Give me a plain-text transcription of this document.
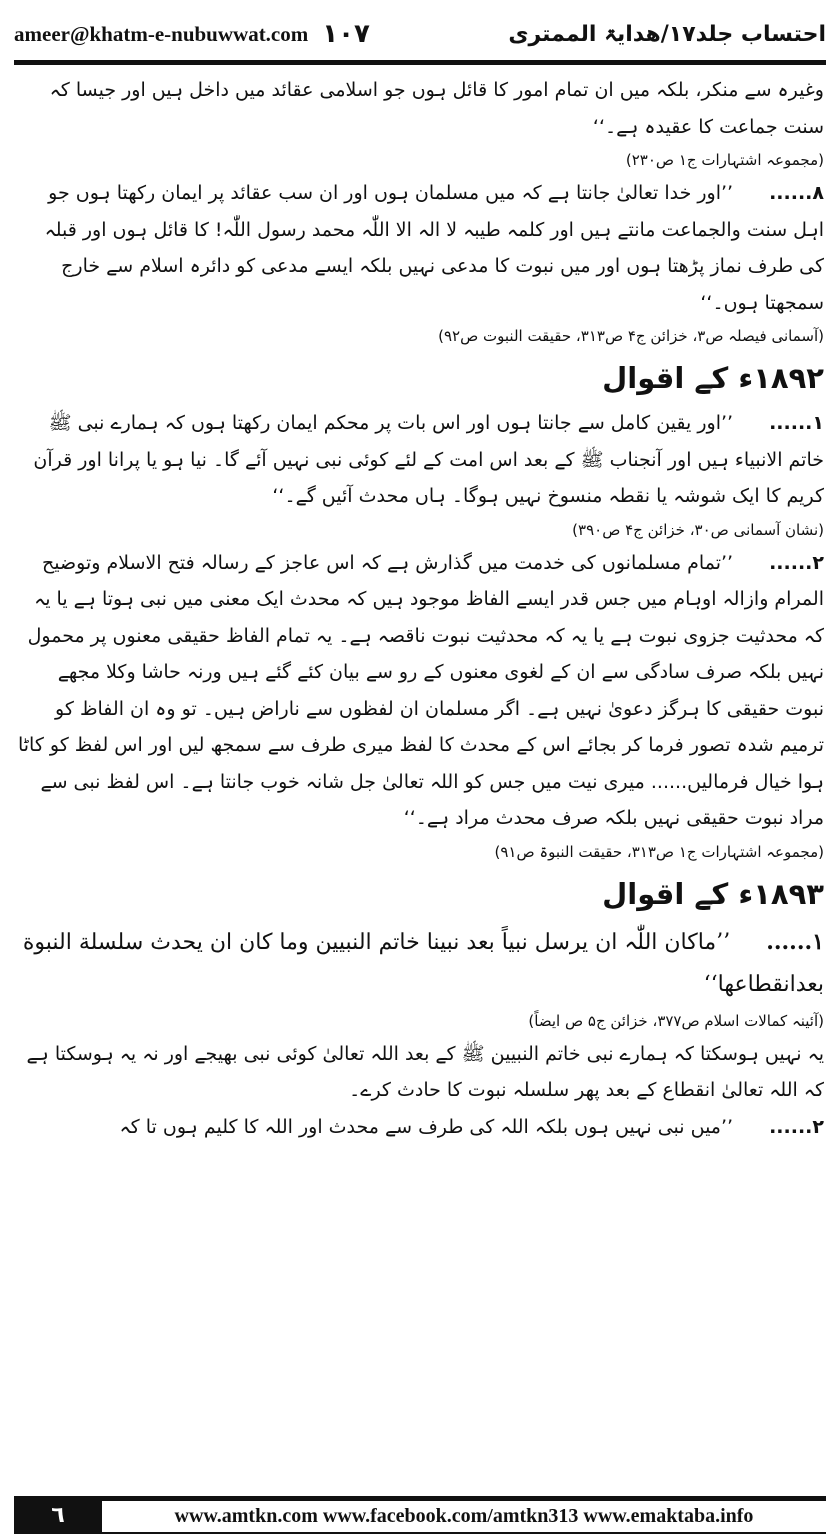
ameer@khatm-e-nubuwwat.com ۱۰۷	احتساب جلد۱۷/ھدایۃ الممتری

وغیرہ سے منکر، بلکہ میں ان تمام امور کا قائل ہوں جو اسلامی عقائد میں داخل ہیں اور جیسا کہ سنت جماعت کا عقیدہ ہے۔‘‘

(مجموعہ اشتہارات ج۱ ص۲۳۰)

۸......’’اور خدا تعالیٰ جانتا ہے کہ میں مسلمان ہوں اور ان سب عقائد پر ایمان رکھتا ہوں جو اہل سنت والجماعت مانتے ہیں اور کلمہ طیبہ لا الہ الا اللّٰہ محمد رسول اللّٰہ! کا قائل ہوں اور قبلہ کی طرف نماز پڑھتا ہوں اور میں نبوت کا مدعی نہیں بلکہ ایسے مدعی کو دائرہ اسلام سے خارج سمجھتا ہوں۔‘‘

(آسمانی فیصلہ ص۳، خزائن ج۴ ص۳۱۳، حقیقت النبوت ص۹۲)

۱۸۹۲ء کے اقوال

۱......’’اور یقین کامل سے جانتا ہوں اور اس بات پر محکم ایمان رکھتا ہوں کہ ہمارے نبی ﷺ خاتم الانبیاء ہیں اور آنجناب ﷺ کے بعد اس امت کے لئے کوئی نبی نہیں آئے گا۔ نیا ہو یا پرانا اور قرآن کریم کا ایک شوشہ یا نقطہ منسوخ نہیں ہوگا۔ ہاں محدث آئیں گے۔‘‘

(نشان آسمانی ص۳۰، خزائن ج۴ ص۳۹۰)

۲......’’تمام مسلمانوں کی خدمت میں گذارش ہے کہ اس عاجز کے رسالہ فتح الاسلام وتوضیح المرام وازالہ اوہام میں جس قدر ایسے الفاظ موجود ہیں کہ محدث ایک معنی میں نبی ہوتا ہے یا یہ کہ محدثیت جزوی نبوت ہے یا یہ کہ محدثیت نبوت ناقصہ ہے۔ یہ تمام الفاظ حقیقی معنوں پر محمول نہیں بلکہ صرف سادگی سے ان کے لغوی معنوں کے رو سے بیان کئے گئے ہیں ورنہ حاشا وکلا مجھے نبوت حقیقی کا ہرگز دعویٰ نہیں ہے۔ اگر مسلمان ان لفظوں سے ناراض ہیں۔ تو وہ ان الفاظ کو ترمیم شدہ تصور فرما کر بجائے اس کے محدث کا لفظ میری طرف سے سمجھ لیں اور اس لفظ کو کاٹا ہوا خیال فرمالیں...... میری نیت میں جس کو اللہ تعالیٰ جل شانہ خوب جانتا ہے۔ اس لفظ نبی سے مراد نبوت حقیقی نہیں بلکہ صرف محدث مراد ہے۔‘‘

(مجموعہ اشتہارات ج۱ ص۳۱۳، حقیقت النبوۃ ص۹۱)

۱۸۹۳ء کے اقوال

۱......’’ماکان اللّٰہ ان یرسل نبیاً بعد نبینا خاتم النبیین وما کان ان یحدث سلسلة النبوة بعدانقطاعھا‘‘

(آئینہ کمالات اسلام ص۳۷۷، خزائن ج۵ ص ایضاً)

یہ نہیں ہوسکتا کہ ہمارے نبی خاتم النبیین ﷺ کے بعد اللہ تعالیٰ کوئی نبی بھیجے اور نہ یہ ہوسکتا ہے کہ اللہ تعالیٰ انقطاع کے بعد پھر سلسلہ نبوت کا حادث کرے۔

۲......’’میں نبی نہیں ہوں بلکہ اللہ کی طرف سے محدث اور اللہ کا کلیم ہوں تا کہ

٦	www.amtkn.com www.facebook.com/amtkn313 www.emaktaba.info
